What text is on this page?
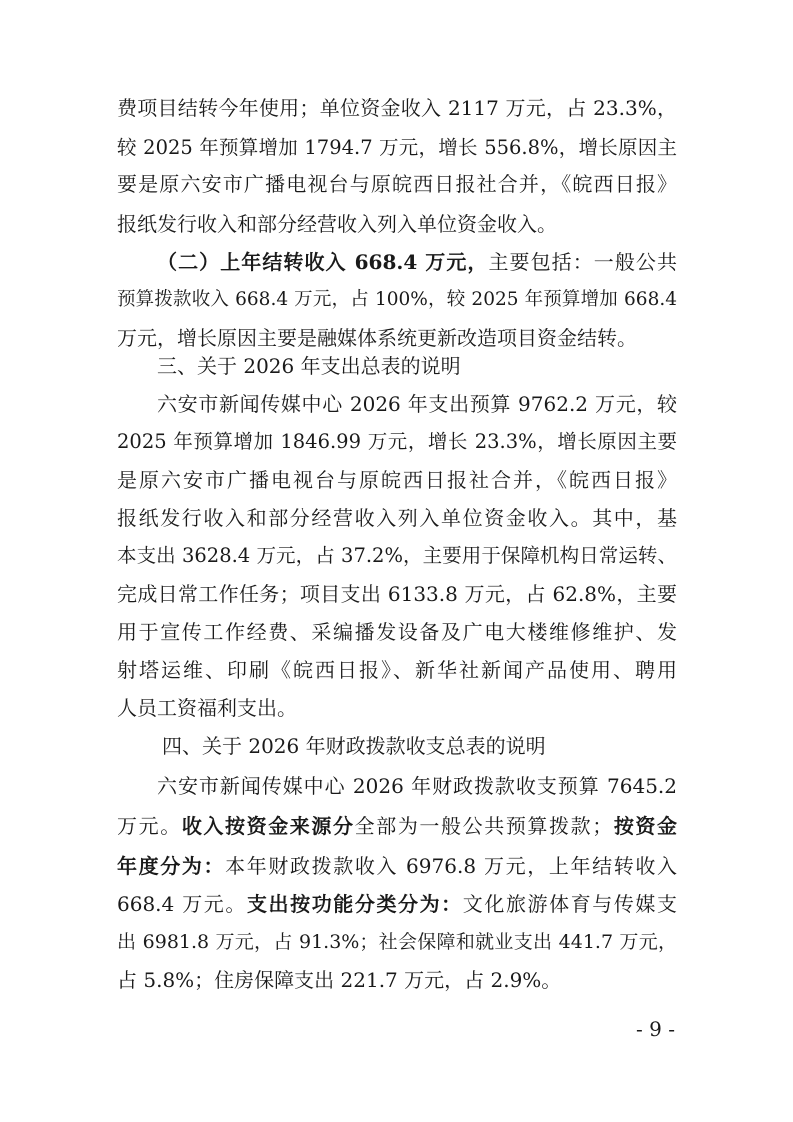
费项目结转今年使用；单位资金收入 2117 万元，占 23.3%，
较 2025 年预算增加 1794.7 万元，增长 556.8%，增长原因主
要是原六安市广播电视台与原皖西日报社合并，《皖西日报》
报纸发行收入和部分经营收入列入单位资金收入。
（二）上年结转收入 668.4 万元，主要包括：一般公共
预算拨款收入 668.4 万元，占 100%，较 2025 年预算增加 668.4
万元，增长原因主要是融媒体系统更新改造项目资金结转。
三、关于 2026 年支出总表的说明
六安市新闻传媒中心 2026 年支出预算 9762.2 万元，较
2025 年预算增加 1846.99 万元，增长 23.3%，增长原因主要
是原六安市广播电视台与原皖西日报社合并，《皖西日报》
报纸发行收入和部分经营收入列入单位资金收入。其中，基
本支出 3628.4 万元，占 37.2%，主要用于保障机构日常运转、
完成日常工作任务；项目支出 6133.8 万元，占 62.8%，主要
用于宣传工作经费、采编播发设备及广电大楼维修维护、发
射塔运维、印刷《皖西日报》、新华社新闻产品使用、聘用
人员工资福利支出。
四、关于 2026 年财政拨款收支总表的说明
六安市新闻传媒中心 2026 年财政拨款收支预算 7645.2
万元。收入按资金来源分全部为一般公共预算拨款；按资金
年度分为：本年财政拨款收入 6976.8 万元，上年结转收入
668.4 万元。支出按功能分类分为：文化旅游体育与传媒支
出 6981.8 万元，占 91.3%；社会保障和就业支出 441.7 万元，
占 5.8%；住房保障支出 221.7 万元，占 2.9%。
- 9 -
